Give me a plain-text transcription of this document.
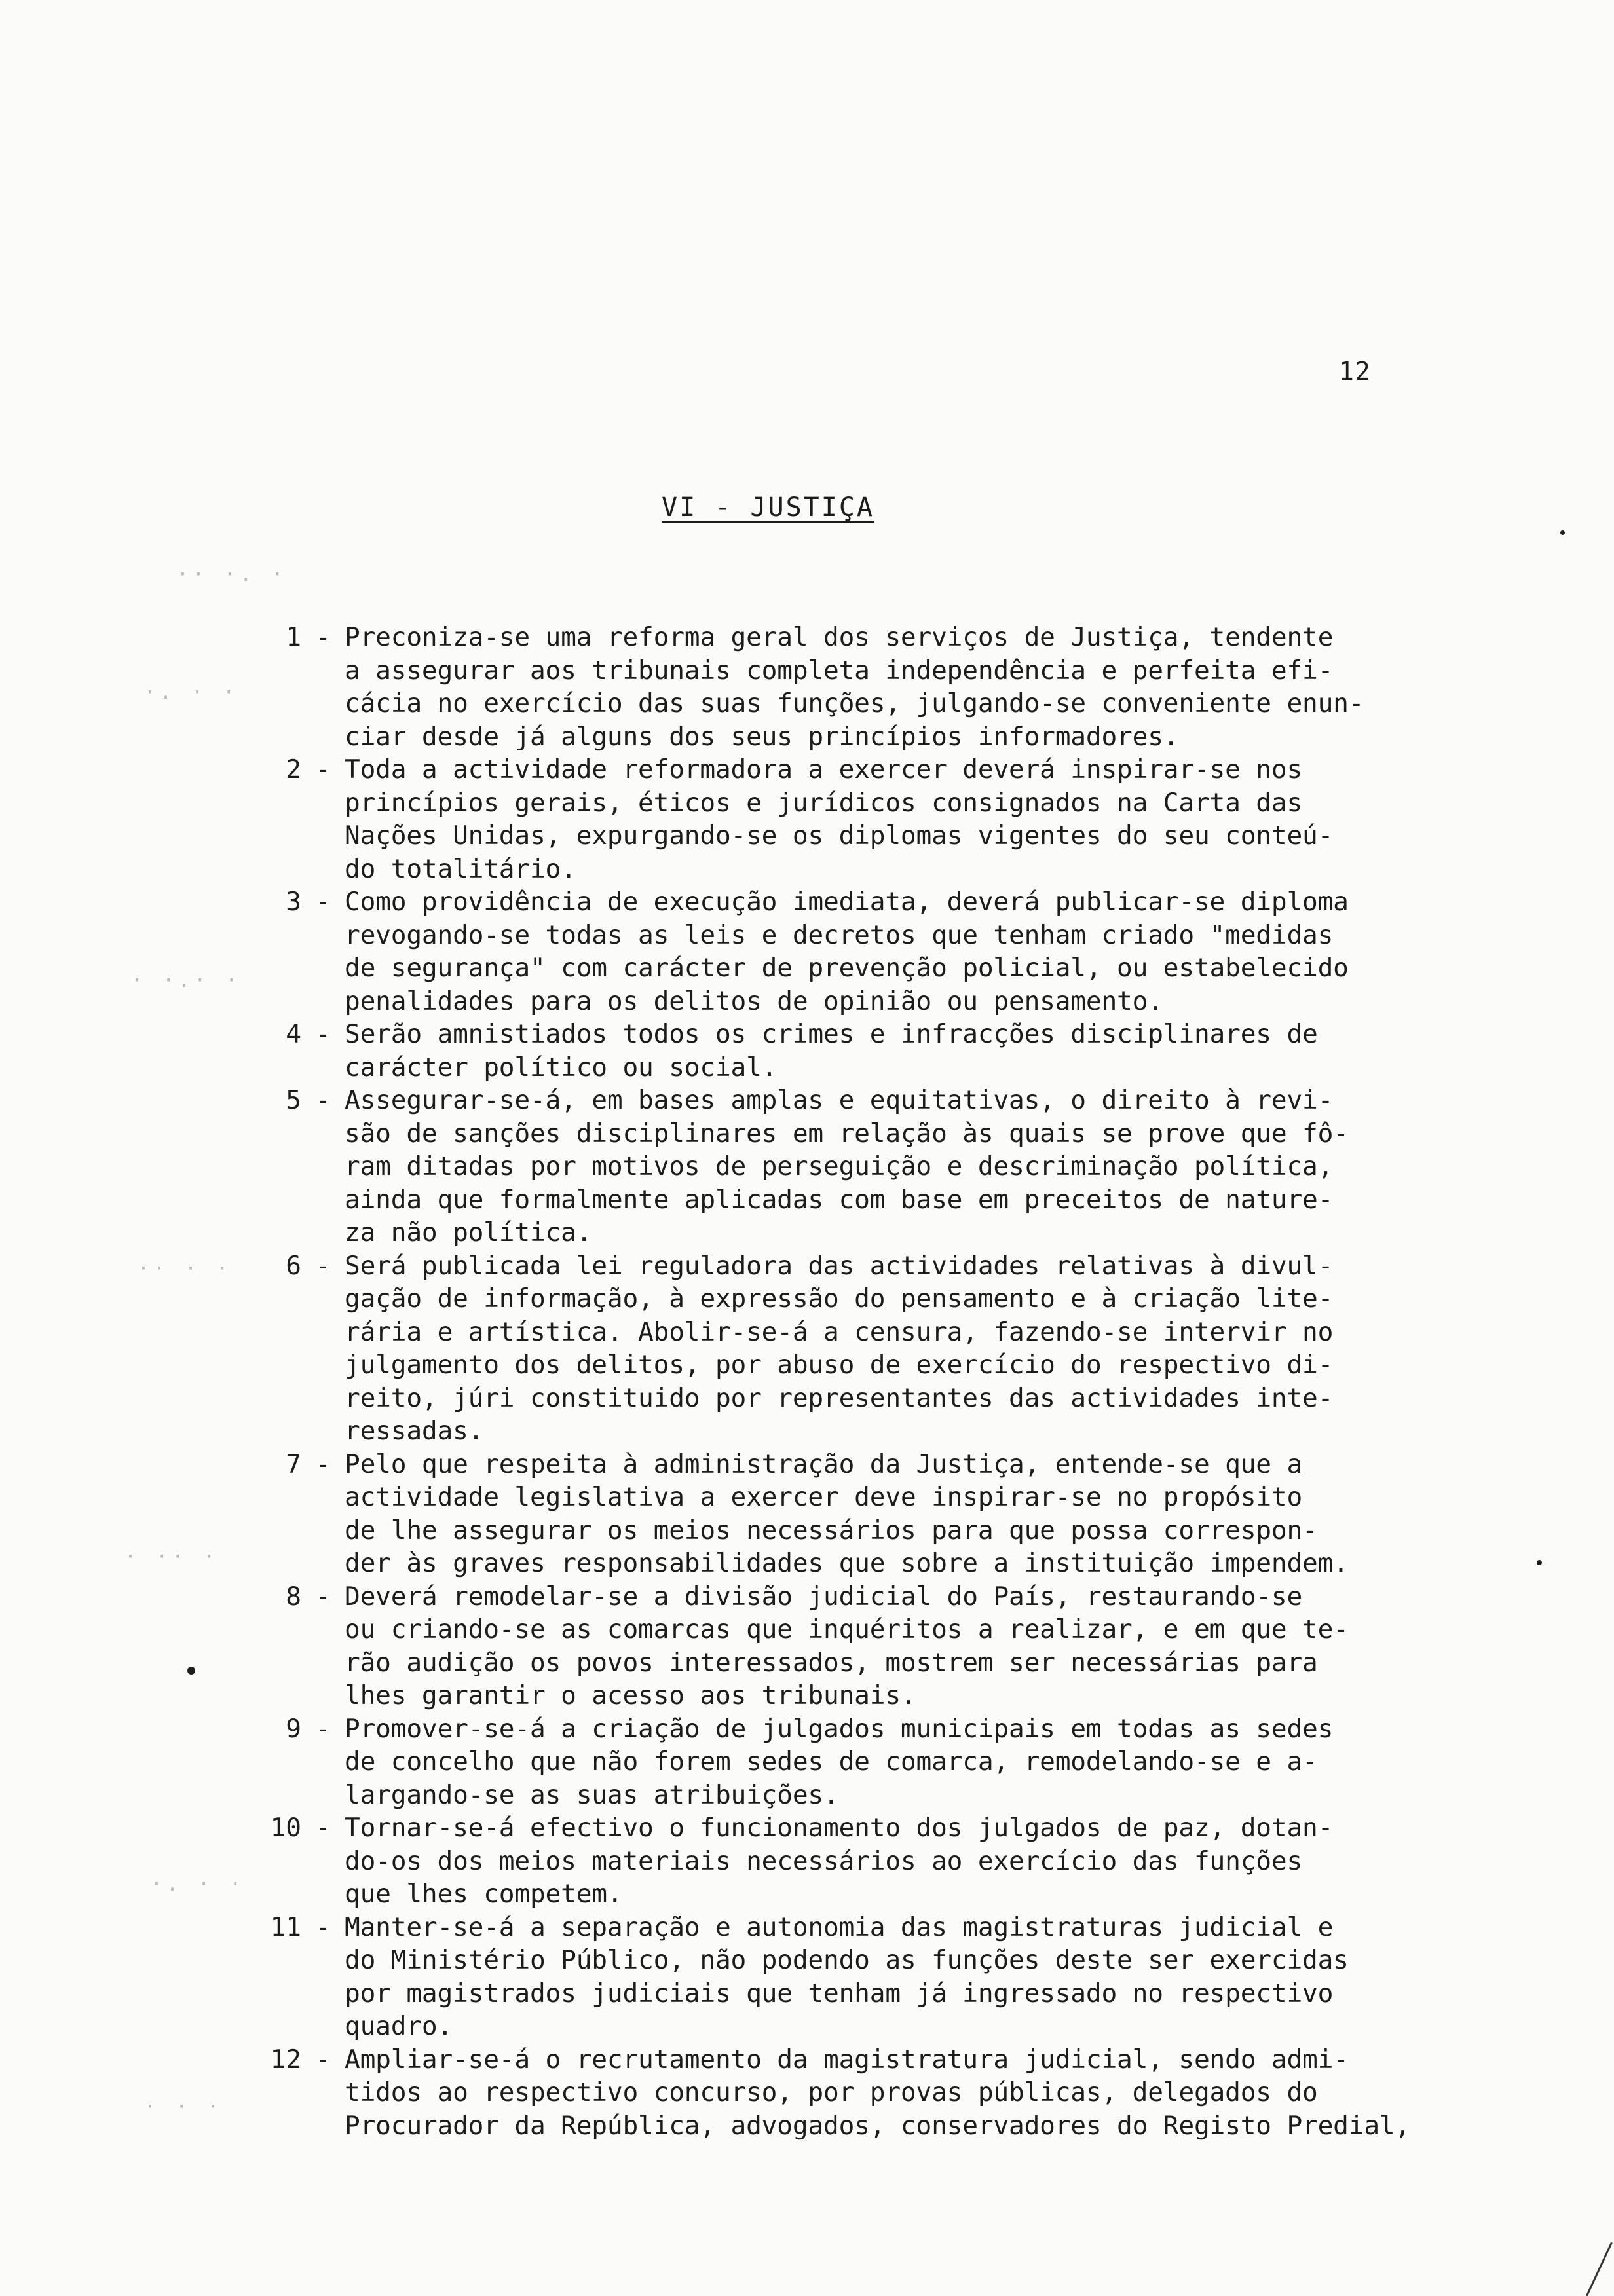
12
VI - JUSTIÇA
·· ·. ·
·. · ·
· ·.· ·
·· · ·
· ·· ·
·. · ·
· · ·
1 - Preconiza-se uma reforma geral dos serviços de Justiça, tendente
a assegurar aos tribunais completa independência e perfeita efi-
cácia no exercício das suas funções, julgando-se conveniente enun-
ciar desde já alguns dos seus princípios informadores.
2 - Toda a actividade reformadora a exercer deverá inspirar-se nos
princípios gerais, éticos e jurídicos consignados na Carta das
Nações Unidas, expurgando-se os diplomas vigentes do seu conteú-
do totalitário.
3 - Como providência de execução imediata, deverá publicar-se diploma
revogando-se todas as leis e decretos que tenham criado "medidas
de segurança" com carácter de prevenção policial, ou estabelecido
penalidades para os delitos de opinião ou pensamento.
4 - Serão amnistiados todos os crimes e infracções disciplinares de
carácter político ou social.
5 - Assegurar-se-á, em bases amplas e equitativas, o direito à revi-
são de sanções disciplinares em relação às quais se prove que fô-
ram ditadas por motivos de perseguição e descriminação política,
ainda que formalmente aplicadas com base em preceitos de nature-
za não política.
6 - Será publicada lei reguladora das actividades relativas à divul-
gação de informação, à expressão do pensamento e à criação lite-
rária e artística. Abolir-se-á a censura, fazendo-se intervir no
julgamento dos delitos, por abuso de exercício do respectivo di-
reito, júri constituido por representantes das actividades inte-
ressadas.
7 - Pelo que respeita à administração da Justiça, entende-se que a
actividade legislativa a exercer deve inspirar-se no propósito
de lhe assegurar os meios necessários para que possa correspon-
der às graves responsabilidades que sobre a instituição impendem.
8 - Deverá remodelar-se a divisão judicial do País, restaurando-se
ou criando-se as comarcas que inquéritos a realizar, e em que te-
rão audição os povos interessados, mostrem ser necessárias para
lhes garantir o acesso aos tribunais.
9 - Promover-se-á a criação de julgados municipais em todas as sedes
de concelho que não forem sedes de comarca, remodelando-se e a-
largando-se as suas atribuições.
10 - Tornar-se-á efectivo o funcionamento dos julgados de paz, dotan-
do-os dos meios materiais necessários ao exercício das funções
que lhes competem.
11 - Manter-se-á a separação e autonomia das magistraturas judicial e
do Ministério Público, não podendo as funções deste ser exercidas
por magistrados judiciais que tenham já ingressado no respectivo
quadro.
12 - Ampliar-se-á o recrutamento da magistratura judicial, sendo admi-
tidos ao respectivo concurso, por provas públicas, delegados do
Procurador da República, advogados, conservadores do Registo Predial,
